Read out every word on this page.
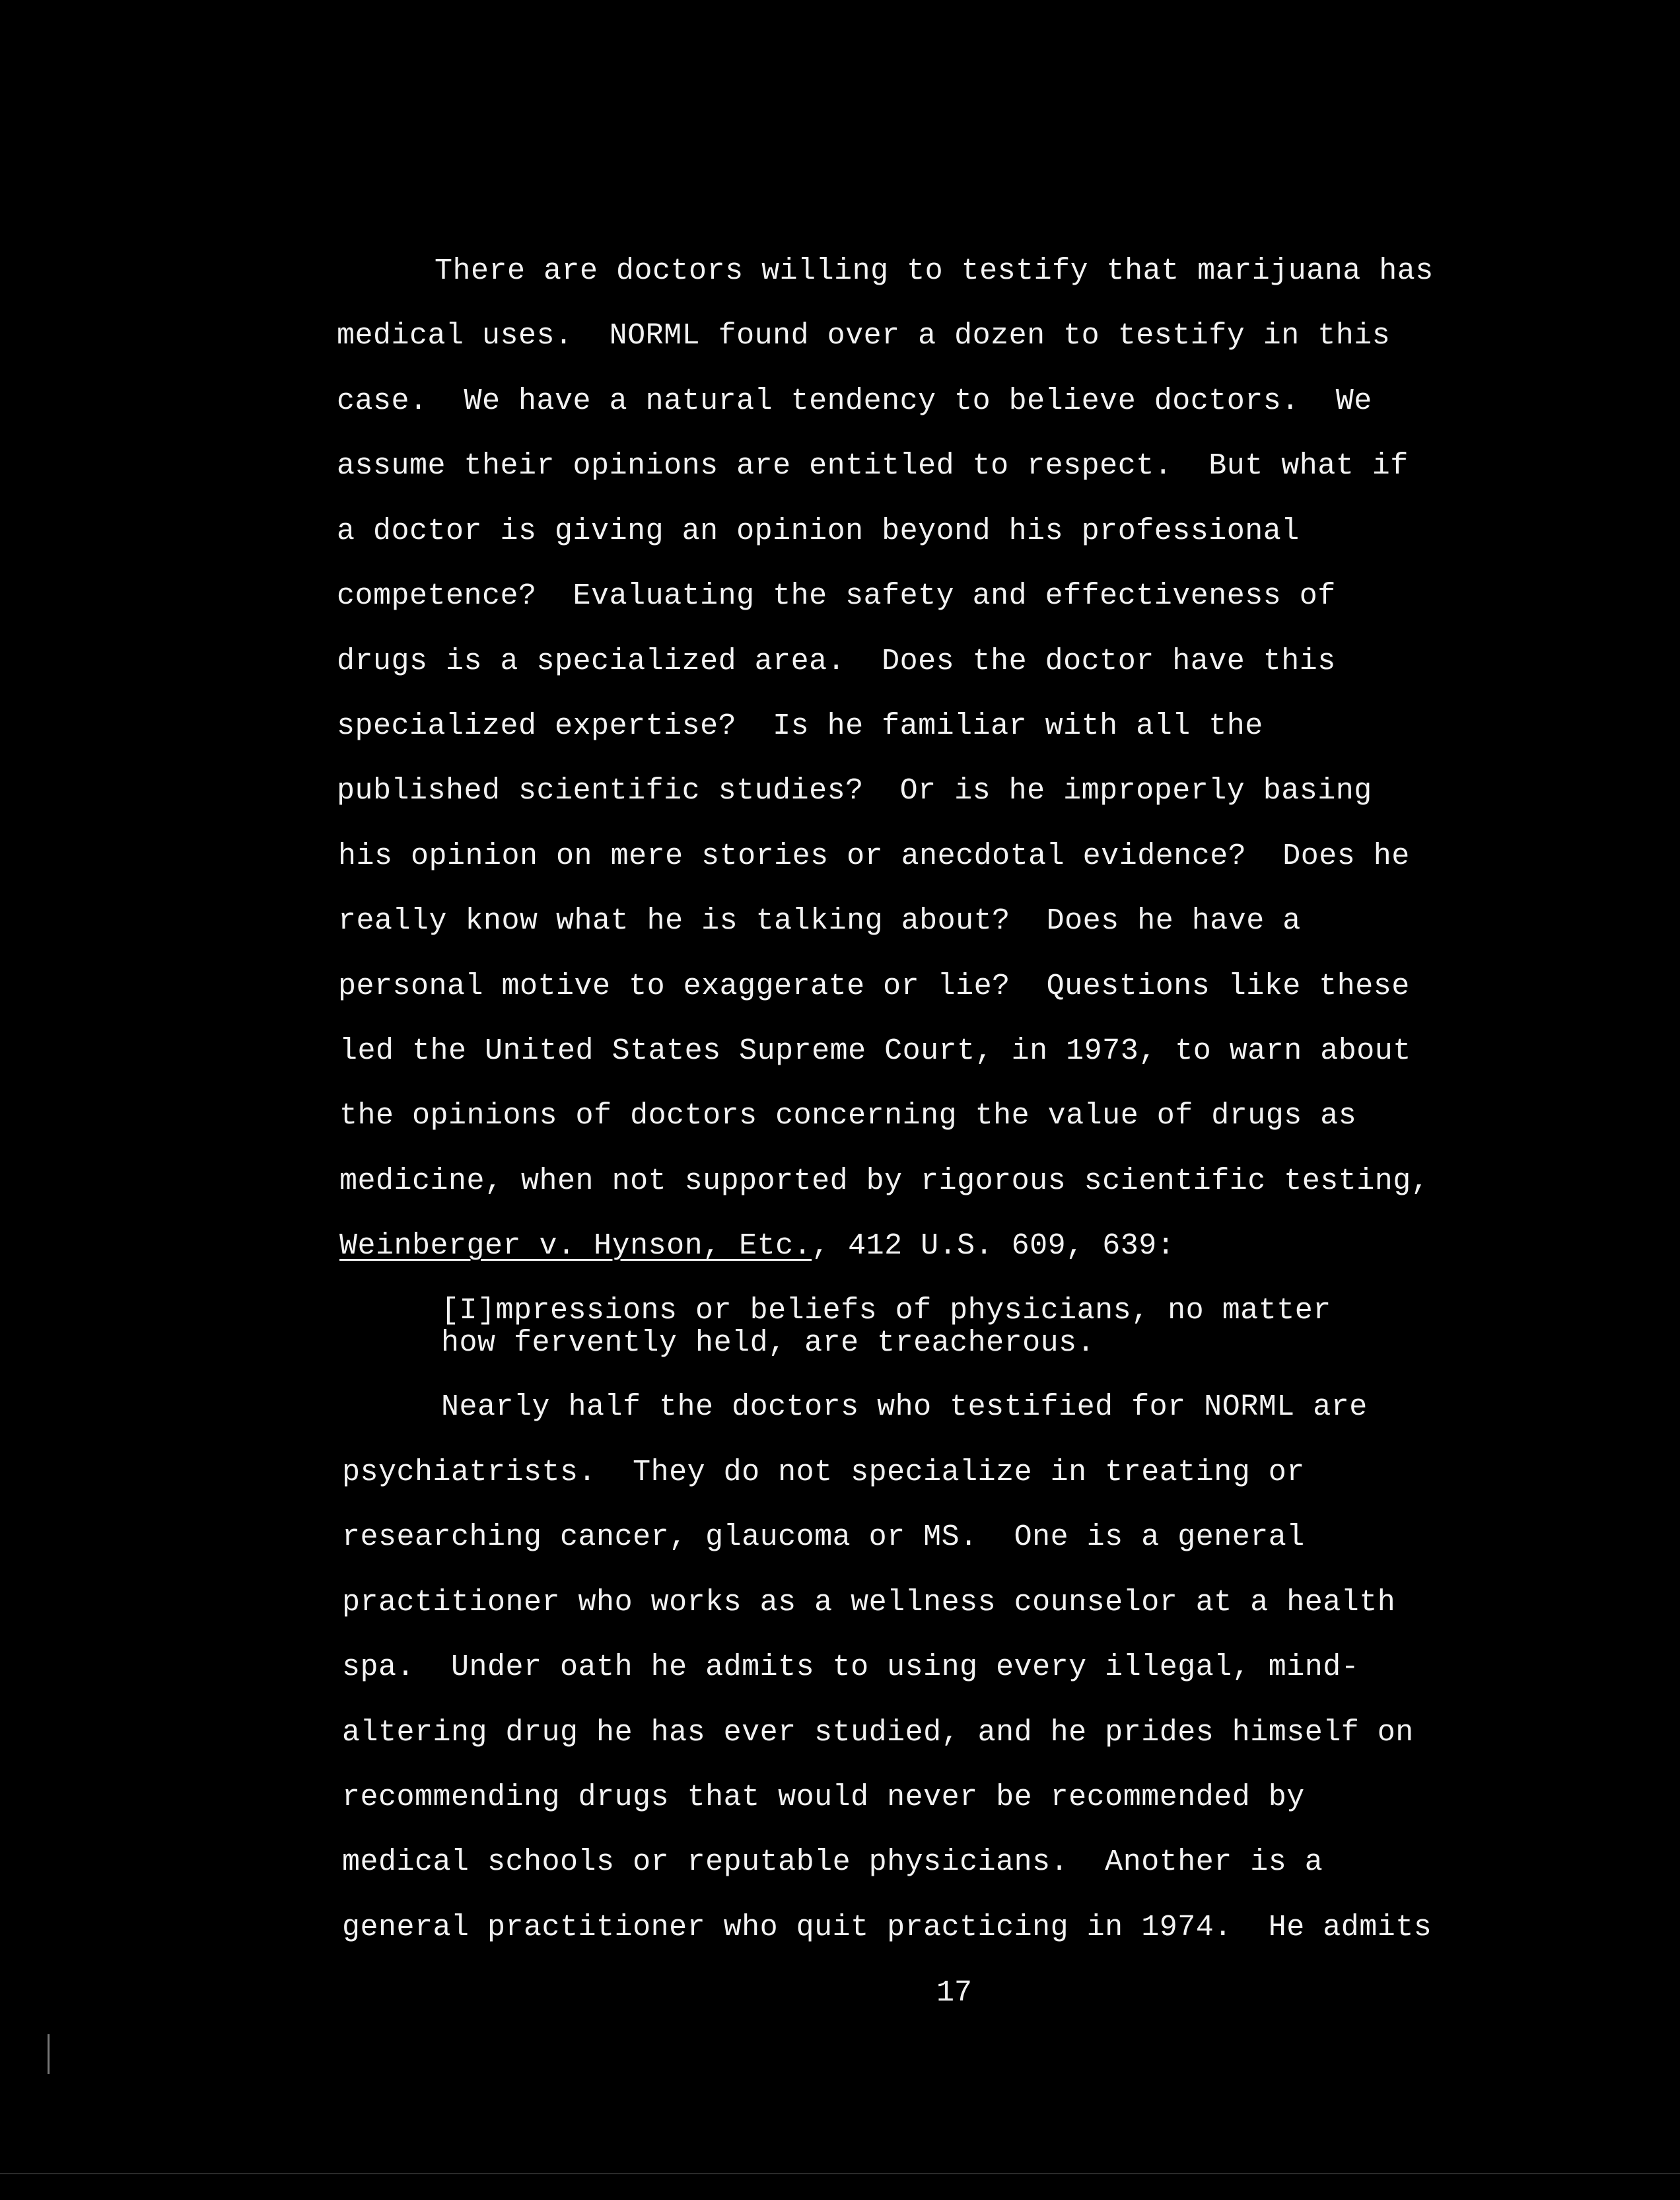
There are doctors willing to testify that marijuana has
medical uses.  NORML found over a dozen to testify in this
case.  We have a natural tendency to believe doctors.  We
assume their opinions are entitled to respect.  But what if
a doctor is giving an opinion beyond his professional
competence?  Evaluating the safety and effectiveness of
drugs is a specialized area.  Does the doctor have this
specialized expertise?  Is he familiar with all the
published scientific studies?  Or is he improperly basing
his opinion on mere stories or anecdotal evidence?  Does he
really know what he is talking about?  Does he have a
personal motive to exaggerate or lie?  Questions like these
led the United States Supreme Court, in 1973, to warn about
the opinions of doctors concerning the value of drugs as
medicine, when not supported by rigorous scientific testing,
Weinberger v. Hynson, Etc., 412 U.S. 609, 639:
[I]mpressions or beliefs of physicians, no matter
how fervently held, are treacherous.
Nearly half the doctors who testified for NORML are
psychiatrists.  They do not specialize in treating or
researching cancer, glaucoma or MS.  One is a general
practitioner who works as a wellness counselor at a health
spa.  Under oath he admits to using every illegal, mind-
altering drug he has ever studied, and he prides himself on
recommending drugs that would never be recommended by
medical schools or reputable physicians.  Another is a
general practitioner who quit practicing in 1974.  He admits
17
